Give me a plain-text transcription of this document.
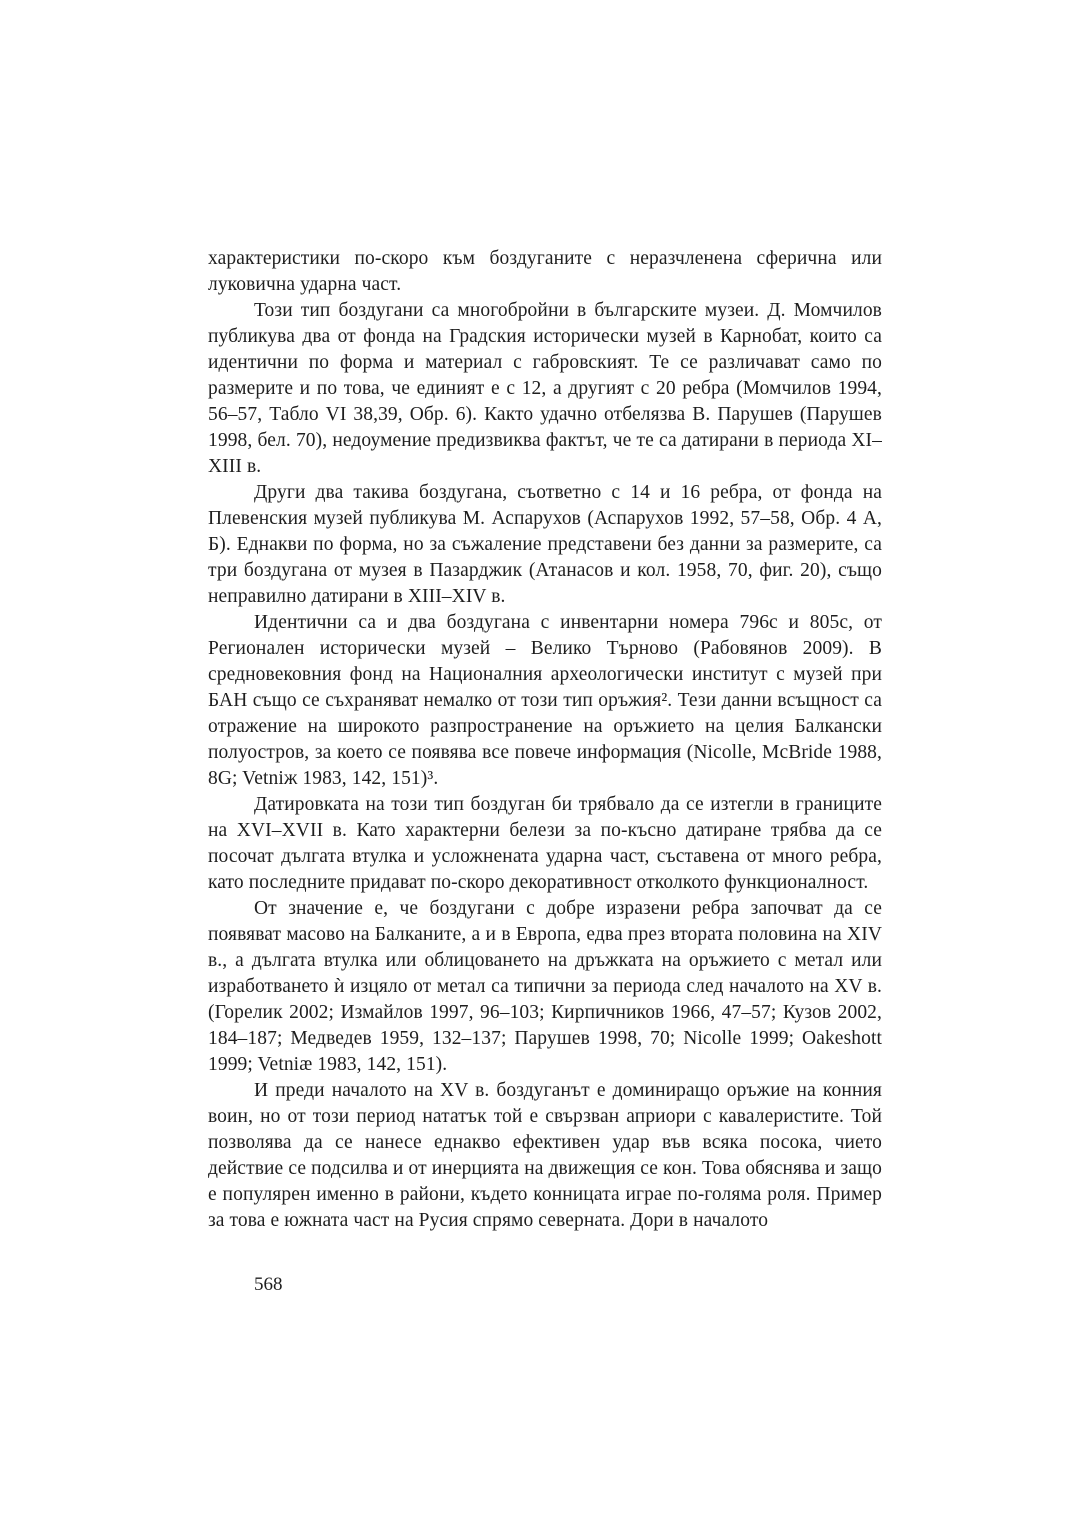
характеристики по-скоро към боздуганите с неразчленена сферична или луковична ударна част.

Този тип боздугани са многобройни в българските музеи. Д. Момчилов публикува два от фонда на Градския исторически музей в Карнобат, които са идентични по форма и материал с габровският. Те се различават само по размерите и по това, че единият е с 12, а другият с 20 ребра (Момчилов 1994, 56–57, Табло VI 38,39, Обр. 6). Както удачно отбелязва В. Парушев (Парушев 1998, бел. 70), недоумение предизвиква фактът, че те са датирани в периода XI–XIII в.

Други два такива боздугана, съответно с 14 и 16 ребра, от фонда на Плевенския музей публикува М. Аспарухов (Аспарухов 1992, 57–58, Обр. 4 А, Б). Еднакви по форма, но за съжаление представени без данни за размерите, са три боздугана от музея в Пазарджик (Атанасов и кол. 1958, 70, фиг. 20), също неправилно датирани в XIII–XIV в.

Идентични са и два боздугана с инвентарни номера 796с и 805с, от Регионален исторически музей – Велико Търново (Рабовянов 2009). В средновековния фонд на Националния археологически институт с музей при БАН също се съхраняват немалко от този тип оръжия². Тези данни всъщност са отражение на широкото разпространение на оръжието на целия Балкански полуостров, за което се появява все повече информация (Nicolle, McBride 1988, 8G; Vetniж 1983, 142, 151)³.

Датировката на този тип боздуган би трябвало да се изтегли в границите на XVI–XVII в. Като характерни белези за по-късно датиране трябва да се посочат дългата втулка и усложнената ударна част, съставена от много ребра, като последните придават по-скоро декоративност отколкото функционалност.

От значение е, че боздугани с добре изразени ребра започват да се появяват масово на Балканите, а и в Европа, едва през втората половина на XIV в., а дългата втулка или облицоването на дръжката на оръжието с метал или изработването ѝ изцяло от метал са типични за периода след началото на XV в. (Горелик 2002; Измайлов 1997, 96–103; Кирпичников 1966, 47–57; Кузов 2002, 184–187; Медведев 1959, 132–137; Парушев 1998, 70; Nicolle 1999; Oakeshott 1999; Vetniæ 1983, 142, 151).

И преди началото на XV в. боздуганът е доминиращо оръжие на конния воин, но от този период нататък той е свързван априори с кавалеристите. Той позволява да се нанесе еднакво ефективен удар във всяка посока, чието действие се подсилва и от инерцията на движещия се кон. Това обяснява и защо е популярен именно в райони, където конницата играе по-голяма роля. Пример за това е южната част на Русия спрямо северната. Дори в началото

568
